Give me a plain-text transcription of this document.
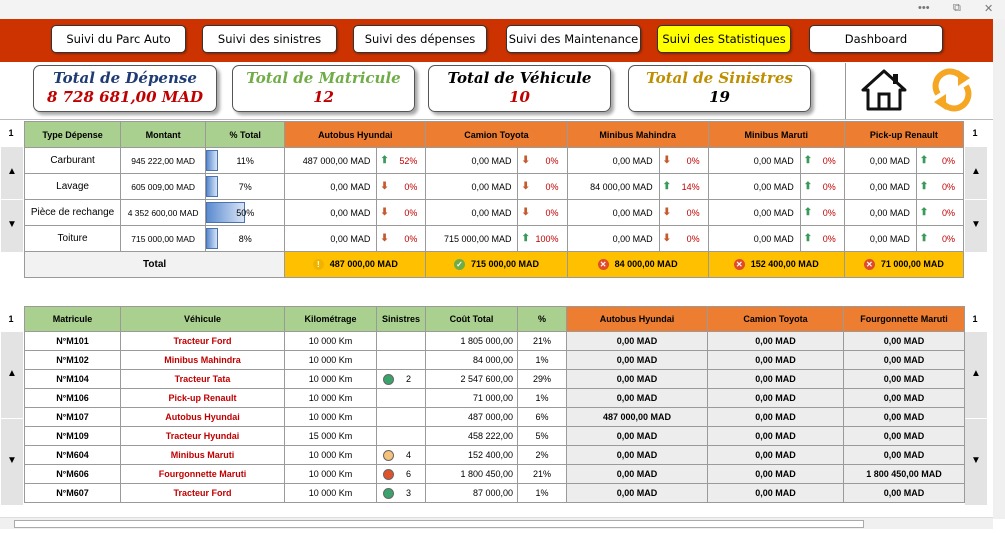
••• ⧉ ✕
Suivi du Parc Auto	Suivi des sinistres	Suivi des dépenses	Suivi des Maintenance	Suivi des Statistiques	Dashboard
Total de Dépense
8 728 681,00 MAD
Total de Matricule
12
Total de Véhicule
10
Total de Sinistres
19
1	1
▲
▼
▲
▼
Type Dépense	Montant	% Total	Autobus Hyundai		Camion Toyota		Minibus Mahindra		Minibus Maruti		Pick-up Renault	
Carburant	945 222,00 MAD	11%	487 000,00 MAD	⬆ 52%	0,00 MAD	⬇ 0%	0,00 MAD	⬇ 0%	0,00 MAD	⬆ 0%	0,00 MAD	⬆ 0%
Lavage	605 009,00 MAD	7%	0,00 MAD	⬇ 0%	0,00 MAD	⬇ 0%	84 000,00 MAD	⬆ 14%	0,00 MAD	⬆ 0%	0,00 MAD	⬆ 0%
Pièce de rechange	4 352 600,00 MAD	50%	0,00 MAD	⬇ 0%	0,00 MAD	⬇ 0%	0,00 MAD	⬇ 0%	0,00 MAD	⬆ 0%	0,00 MAD	⬆ 0%
Toiture	715 000,00 MAD	8%	0,00 MAD	⬇ 0%	715 000,00 MAD	⬆ 100%	0,00 MAD	⬇ 0%	0,00 MAD	⬆ 0%	0,00 MAD	⬆ 0%
Total			! 487 000,00 MAD		✓ 715 000,00 MAD		✕ 84 000,00 MAD		✕ 152 400,00 MAD		✕ 71 000,00 MAD	
1	1
▲
▼
▲
▼
Matricule	Véhicule	Kilométrage	Sinistres	Coût Total	%	Autobus Hyundai	Camion Toyota	Fourgonnette Maruti
N°M101	Tracteur Ford	10 000 Km		1 805 000,00	21%	0,00 MAD	0,00 MAD	0,00 MAD
N°M102	Minibus Mahindra	10 000 Km		84 000,00	1%	0,00 MAD	0,00 MAD	0,00 MAD
N°M104	Tracteur Tata	10 000 Km	2	2 547 600,00	29%	0,00 MAD	0,00 MAD	0,00 MAD
N°M106	Pick-up Renault	10 000 Km		71 000,00	1%	0,00 MAD	0,00 MAD	0,00 MAD
N°M107	Autobus Hyundai	10 000 Km		487 000,00	6%	487 000,00 MAD	0,00 MAD	0,00 MAD
N°M109	Tracteur Hyundai	15 000 Km		458 222,00	5%	0,00 MAD	0,00 MAD	0,00 MAD
N°M604	Minibus Maruti	10 000 Km	4	152 400,00	2%	0,00 MAD	0,00 MAD	0,00 MAD
N°M606	Fourgonnette Maruti	10 000 Km	6	1 800 450,00	21%	0,00 MAD	0,00 MAD	1 800 450,00 MAD
N°M607	Tracteur Ford	10 000 Km	3	87 000,00	1%	0,00 MAD	0,00 MAD	0,00 MAD
